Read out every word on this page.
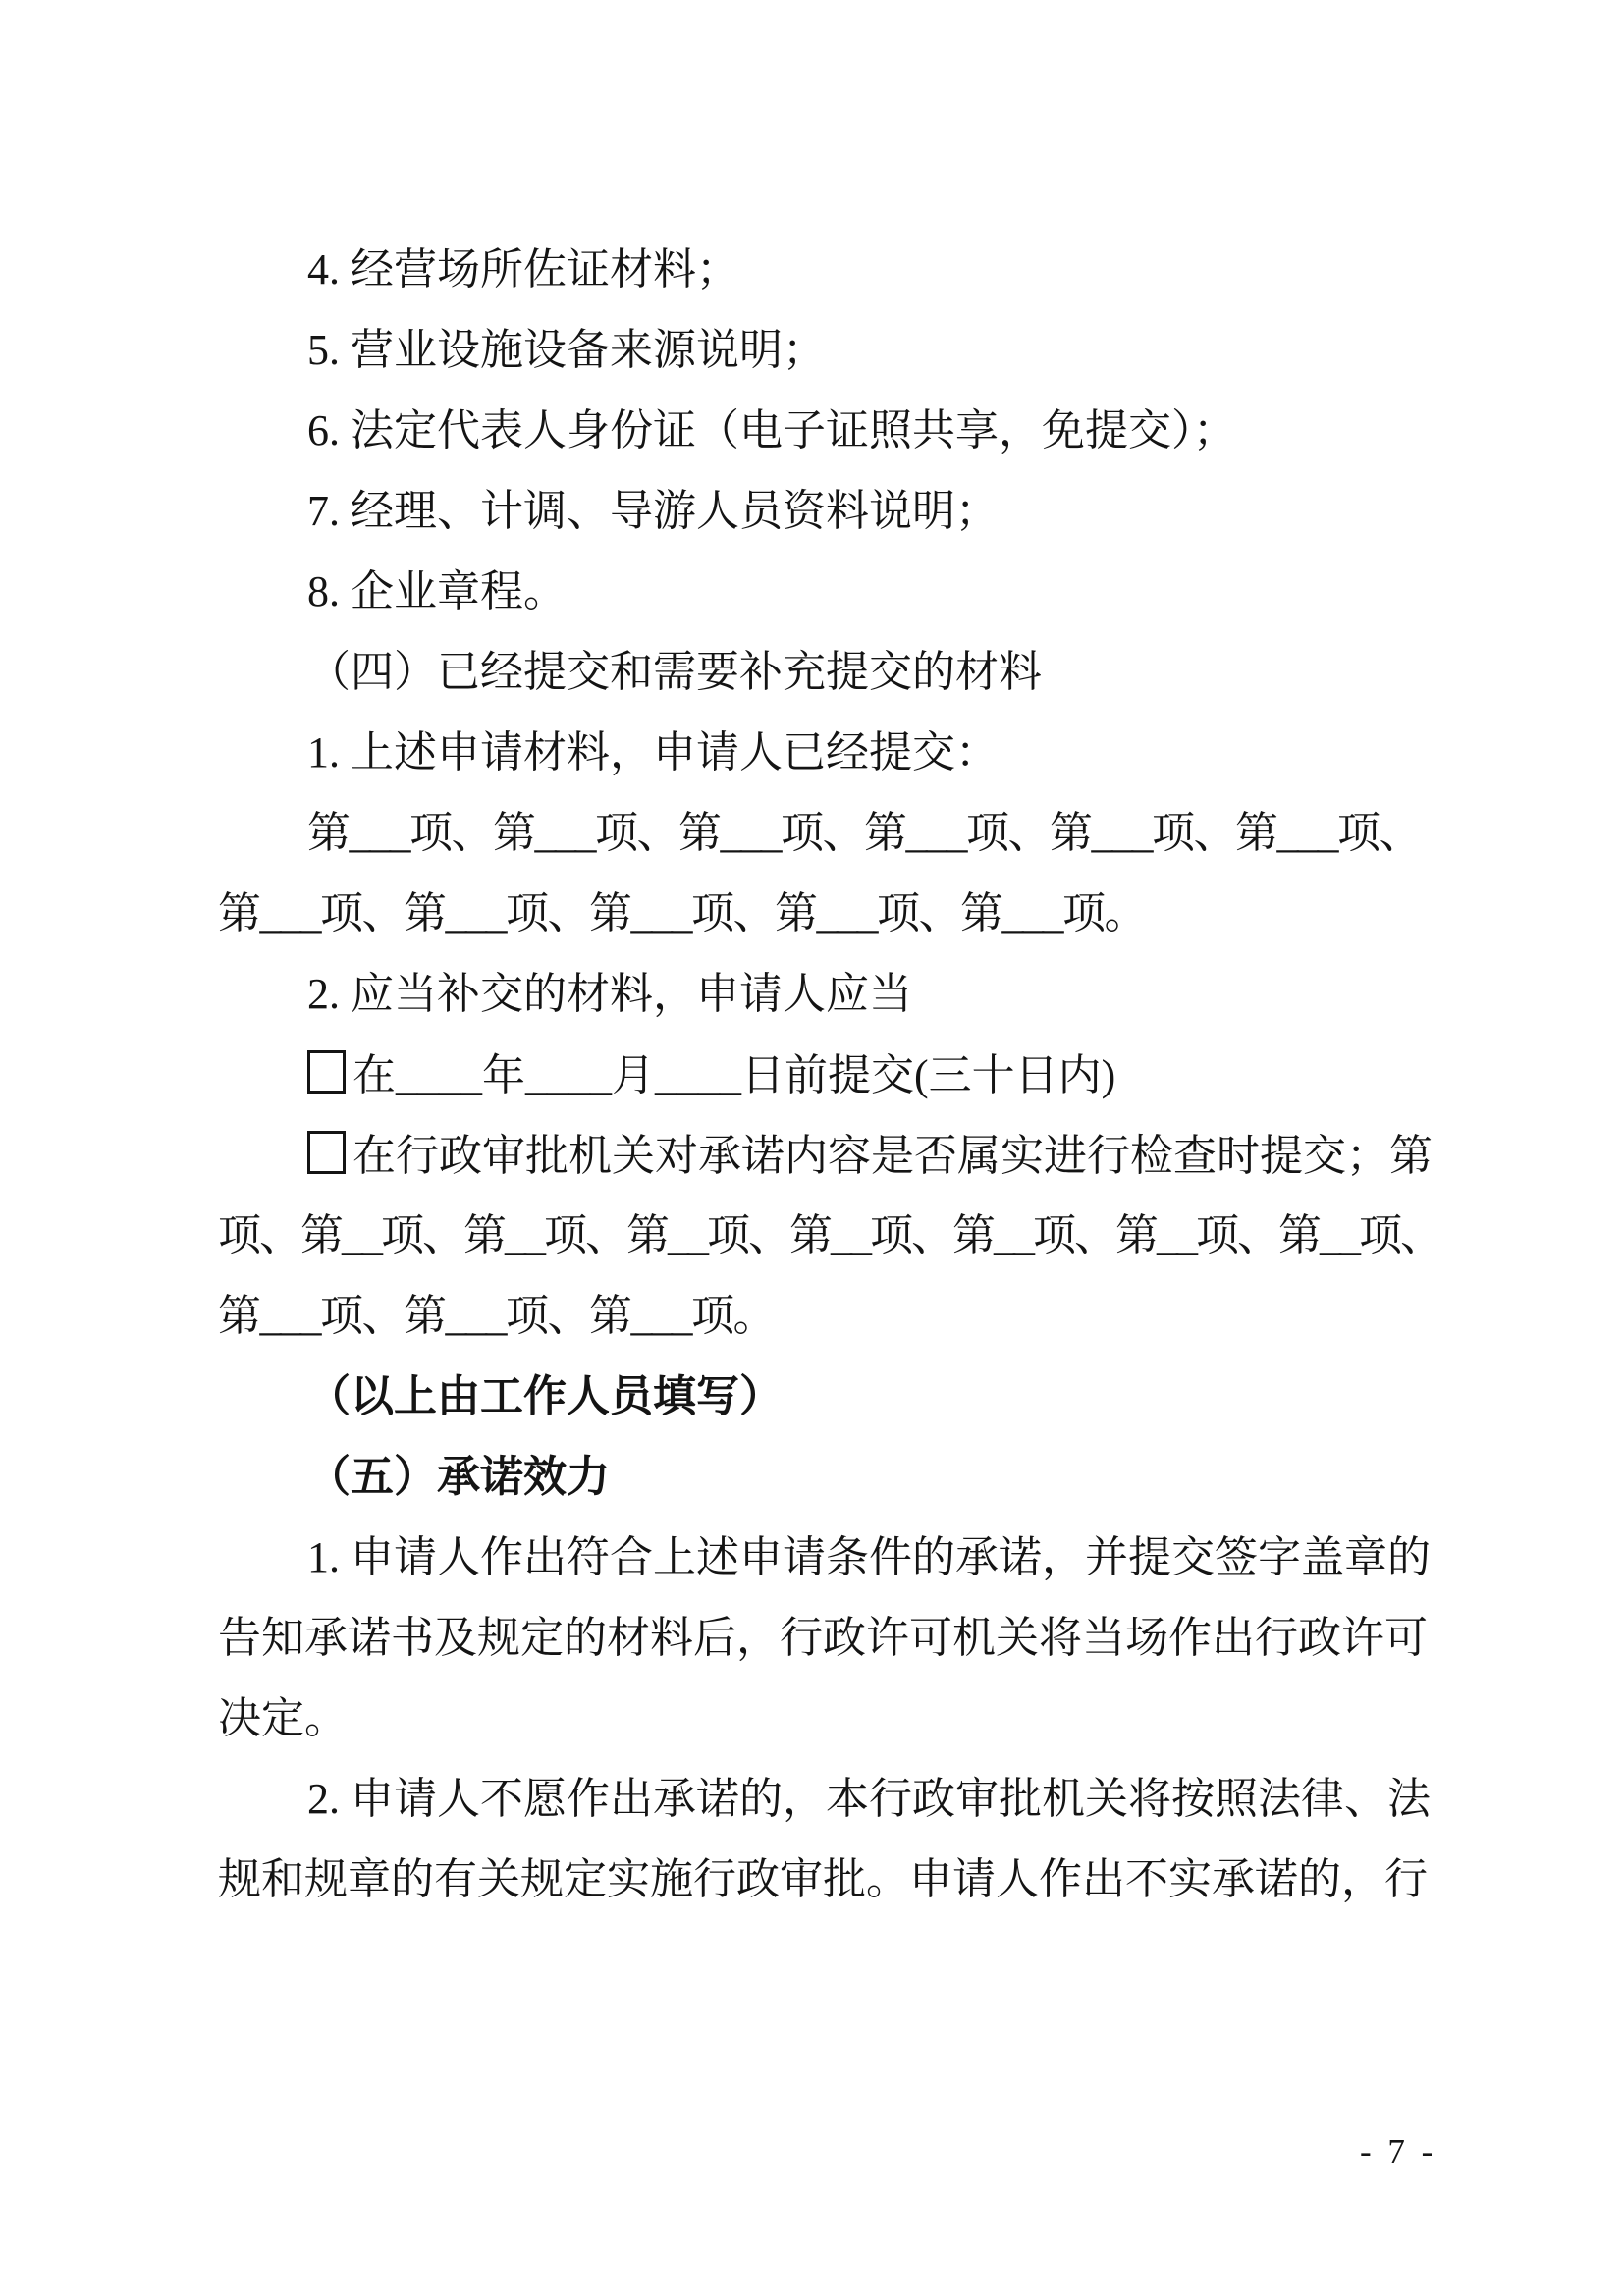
4. 经营场所佐证材料；
5. 营业设施设备来源说明；
6. 法定代表人身份证（电子证照共享，免提交）；
7. 经理、计调、导游人员资料说明；
8. 企业章程。
（四）已经提交和需要补充提交的材料
1. 上述申请材料，申请人已经提交：
第___项、第___项、第___项、第___项、第___项、第___项、
第___项、第___项、第___项、第___项、第___项。
2. 应当补交的材料，申请人应当
在____年____月____日前提交(三十日内)
在行政审批机关对承诺内容是否属实进行检查时提交；第
项、第__项、第__项、第__项、第__项、第__项、第__项、第__项、
第___项、第___项、第___项。
（以上由工作人员填写）
（五）承诺效力
1. 申请人作出符合上述申请条件的承诺，并提交签字盖章的
告知承诺书及规定的材料后，行政许可机关将当场作出行政许可
决定。
2. 申请人不愿作出承诺的，本行政审批机关将按照法律、法
规和规章的有关规定实施行政审批。申请人作出不实承诺的，行
- 7 -
